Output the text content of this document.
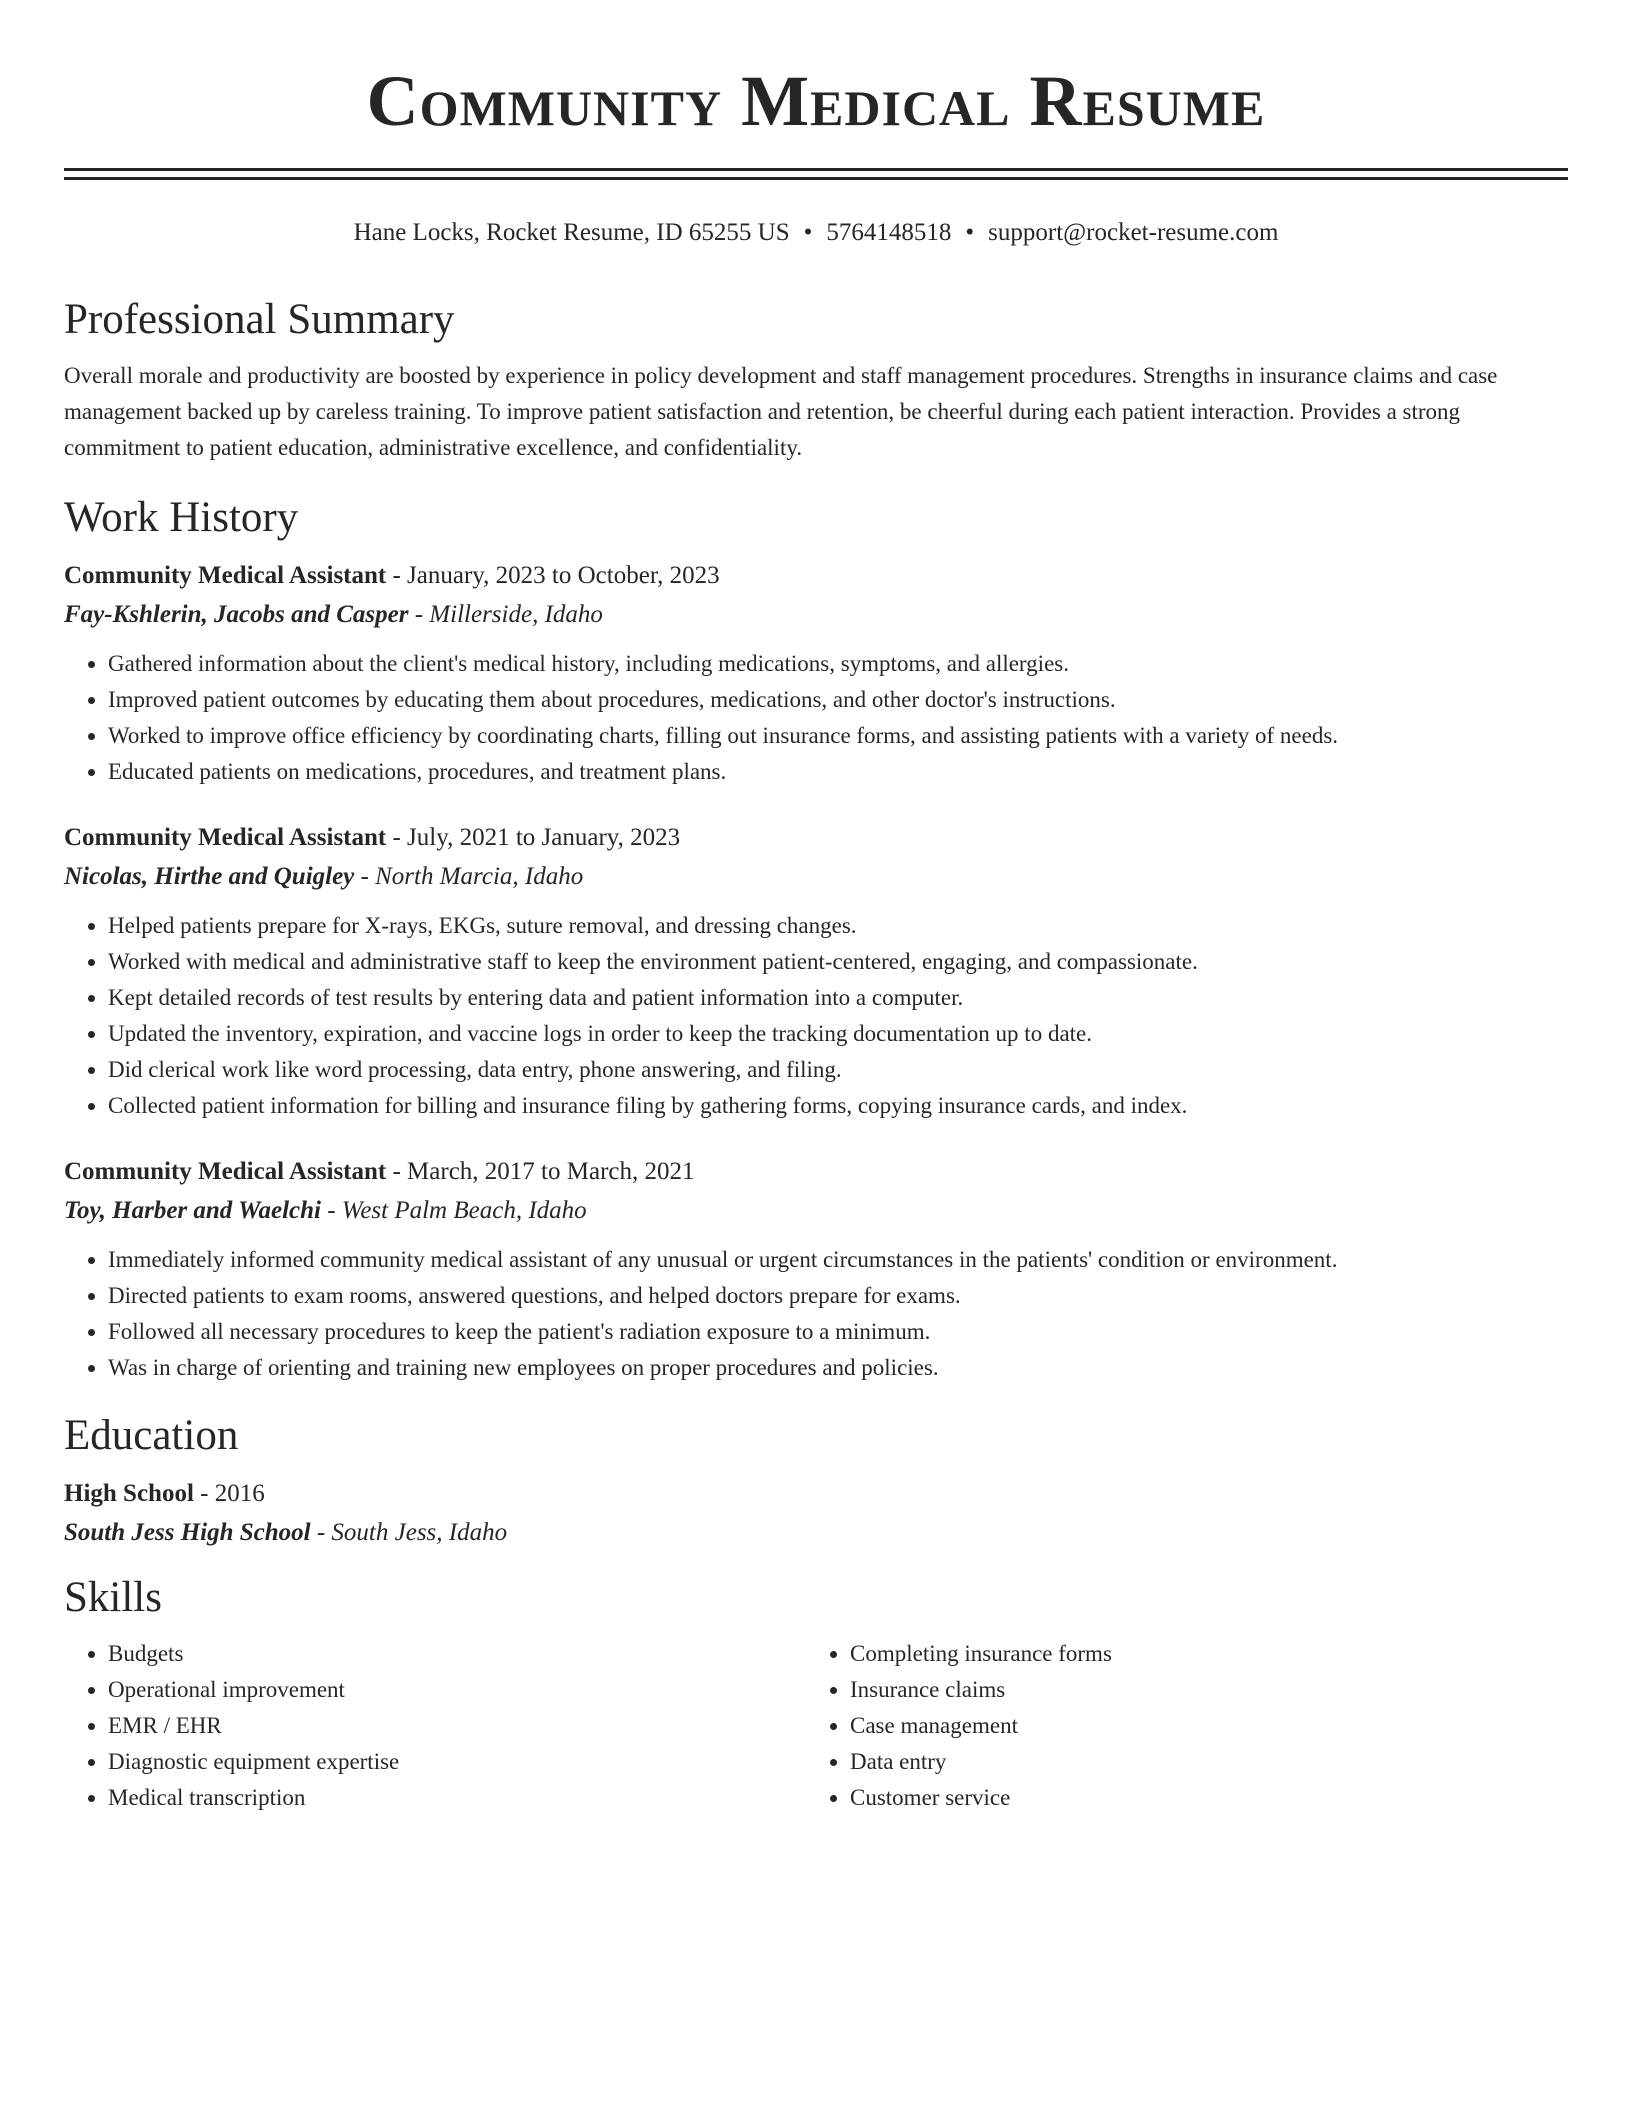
Community Medical Resume
Hane Locks, Rocket Resume, ID 65255 US • 5764148518 • support@rocket-resume.com
Professional Summary
Overall morale and productivity are boosted by experience in policy development and staff management procedures. Strengths in insurance claims and case management backed up by careless training. To improve patient satisfaction and retention, be cheerful during each patient interaction. Provides a strong commitment to patient education, administrative excellence, and confidentiality.
Work History
Community Medical Assistant - January, 2023 to October, 2023
Fay-Kshlerin, Jacobs and Casper - Millerside, Idaho
• Gathered information about the client's medical history, including medications, symptoms, and allergies.
• Improved patient outcomes by educating them about procedures, medications, and other doctor's instructions.
• Worked to improve office efficiency by coordinating charts, filling out insurance forms, and assisting patients with a variety of needs.
• Educated patients on medications, procedures, and treatment plans.
Community Medical Assistant - July, 2021 to January, 2023
Nicolas, Hirthe and Quigley - North Marcia, Idaho
• Helped patients prepare for X-rays, EKGs, suture removal, and dressing changes.
• Worked with medical and administrative staff to keep the environment patient-centered, engaging, and compassionate.
• Kept detailed records of test results by entering data and patient information into a computer.
• Updated the inventory, expiration, and vaccine logs in order to keep the tracking documentation up to date.
• Did clerical work like word processing, data entry, phone answering, and filing.
• Collected patient information for billing and insurance filing by gathering forms, copying insurance cards, and index.
Community Medical Assistant - March, 2017 to March, 2021
Toy, Harber and Waelchi - West Palm Beach, Idaho
• Immediately informed community medical assistant of any unusual or urgent circumstances in the patients' condition or environment.
• Directed patients to exam rooms, answered questions, and helped doctors prepare for exams.
• Followed all necessary procedures to keep the patient's radiation exposure to a minimum.
• Was in charge of orienting and training new employees on proper procedures and policies.
Education
High School - 2016
South Jess High School - South Jess, Idaho
Skills
• Budgets
• Operational improvement
• EMR / EHR
• Diagnostic equipment expertise
• Medical transcription
• Completing insurance forms
• Insurance claims
• Case management
• Data entry
• Customer service
